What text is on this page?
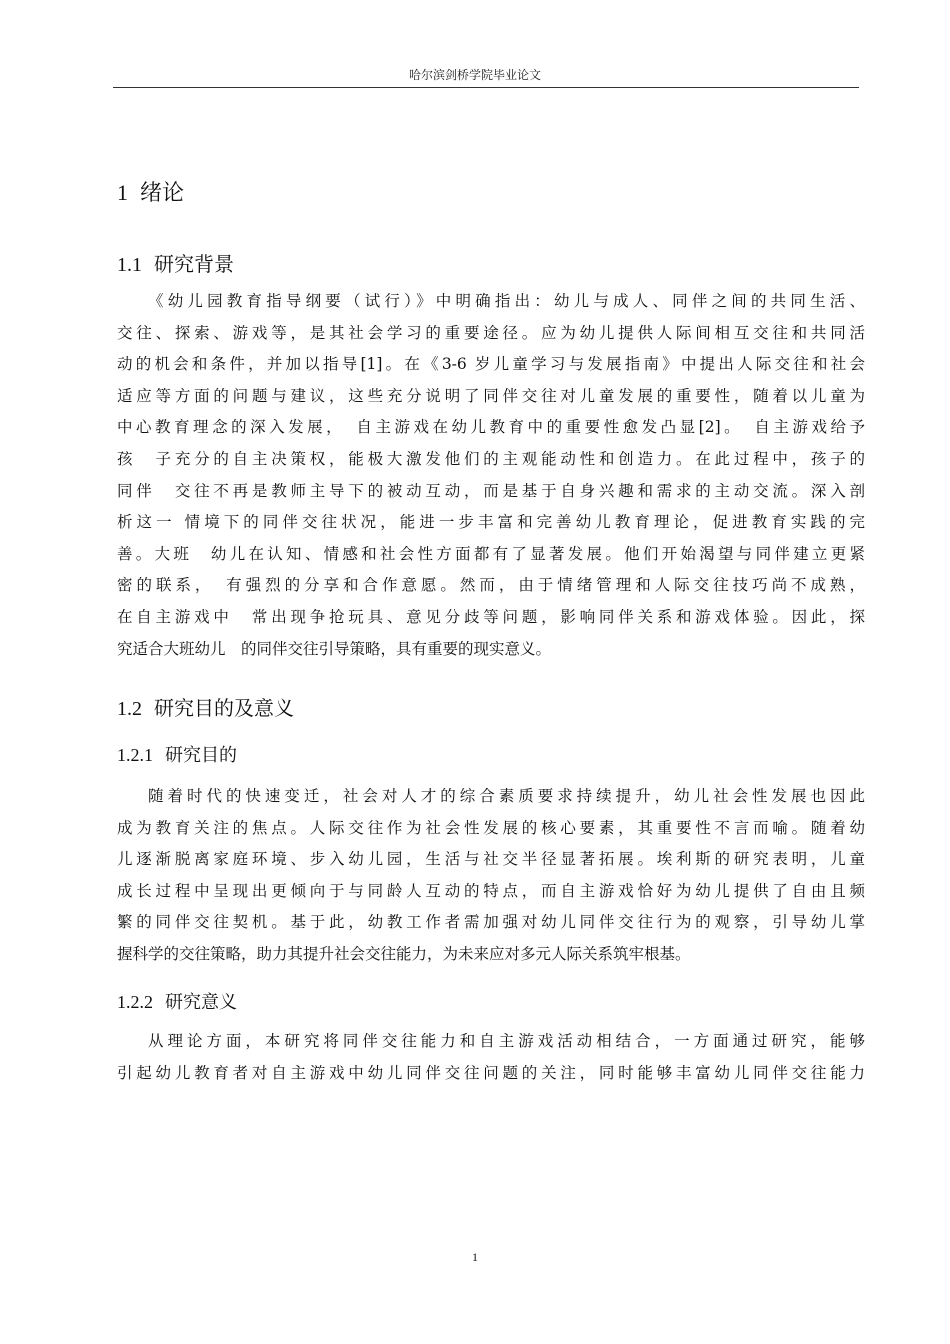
哈尔滨剑桥学院毕业论文
1 绪论
1.1 研究背景
《幼儿园教育指导纲要（试行）》中明确指出：幼儿与成人、同伴之间的共同生活、
交往、探索、游戏等，是其社会学习的重要途径。应为幼儿提供人际间相互交往和共同活
动的机会和条件，并加以指导[1]。在《3-6 岁儿童学习与发展指南》中提出人际交往和社会
适应等方面的问题与建议，这些充分说明了同伴交往对儿童发展的重要性，随着以儿童为
中心教育理念的深入发展，　自主游戏在幼儿教育中的重要性愈发凸显[2]。　自主游戏给予
孩　子充分的自主决策权，能极大激发他们的主观能动性和创造力。在此过程中，孩子的
同伴　交往不再是教师主导下的被动互动，而是基于自身兴趣和需求的主动交流。深入剖
析这一 情境下的同伴交往状况，能进一步丰富和完善幼儿教育理论，促进教育实践的完
善。大班　幼儿在认知、情感和社会性方面都有了显著发展。他们开始渴望与同伴建立更紧
密的联系，　有强烈的分享和合作意愿。然而，由于情绪管理和人际交往技巧尚不成熟，
在自主游戏中　常出现争抢玩具、意见分歧等问题，影响同伴关系和游戏体验。因此，探
究适合大班幼儿　的同伴交往引导策略，具有重要的现实意义。
1.2 研究目的及意义
1.2.1 研究目的
随着时代的快速变迁，社会对人才的综合素质要求持续提升，幼儿社会性发展也因此
成为教育关注的焦点。人际交往作为社会性发展的核心要素，其重要性不言而喻。随着幼
儿逐渐脱离家庭环境、步入幼儿园，生活与社交半径显著拓展。埃利斯的研究表明，儿童
成长过程中呈现出更倾向于与同龄人互动的特点，而自主游戏恰好为幼儿提供了自由且频
繁的同伴交往契机。基于此，幼教工作者需加强对幼儿同伴交往行为的观察，引导幼儿掌
握科学的交往策略，助力其提升社会交往能力，为未来应对多元人际关系筑牢根基。
1.2.2 研究意义
从理论方面，本研究将同伴交往能力和自主游戏活动相结合，一方面通过研究，能够
引起幼儿教育者对自主游戏中幼儿同伴交往问题的关注，同时能够丰富幼儿同伴交往能力
1
